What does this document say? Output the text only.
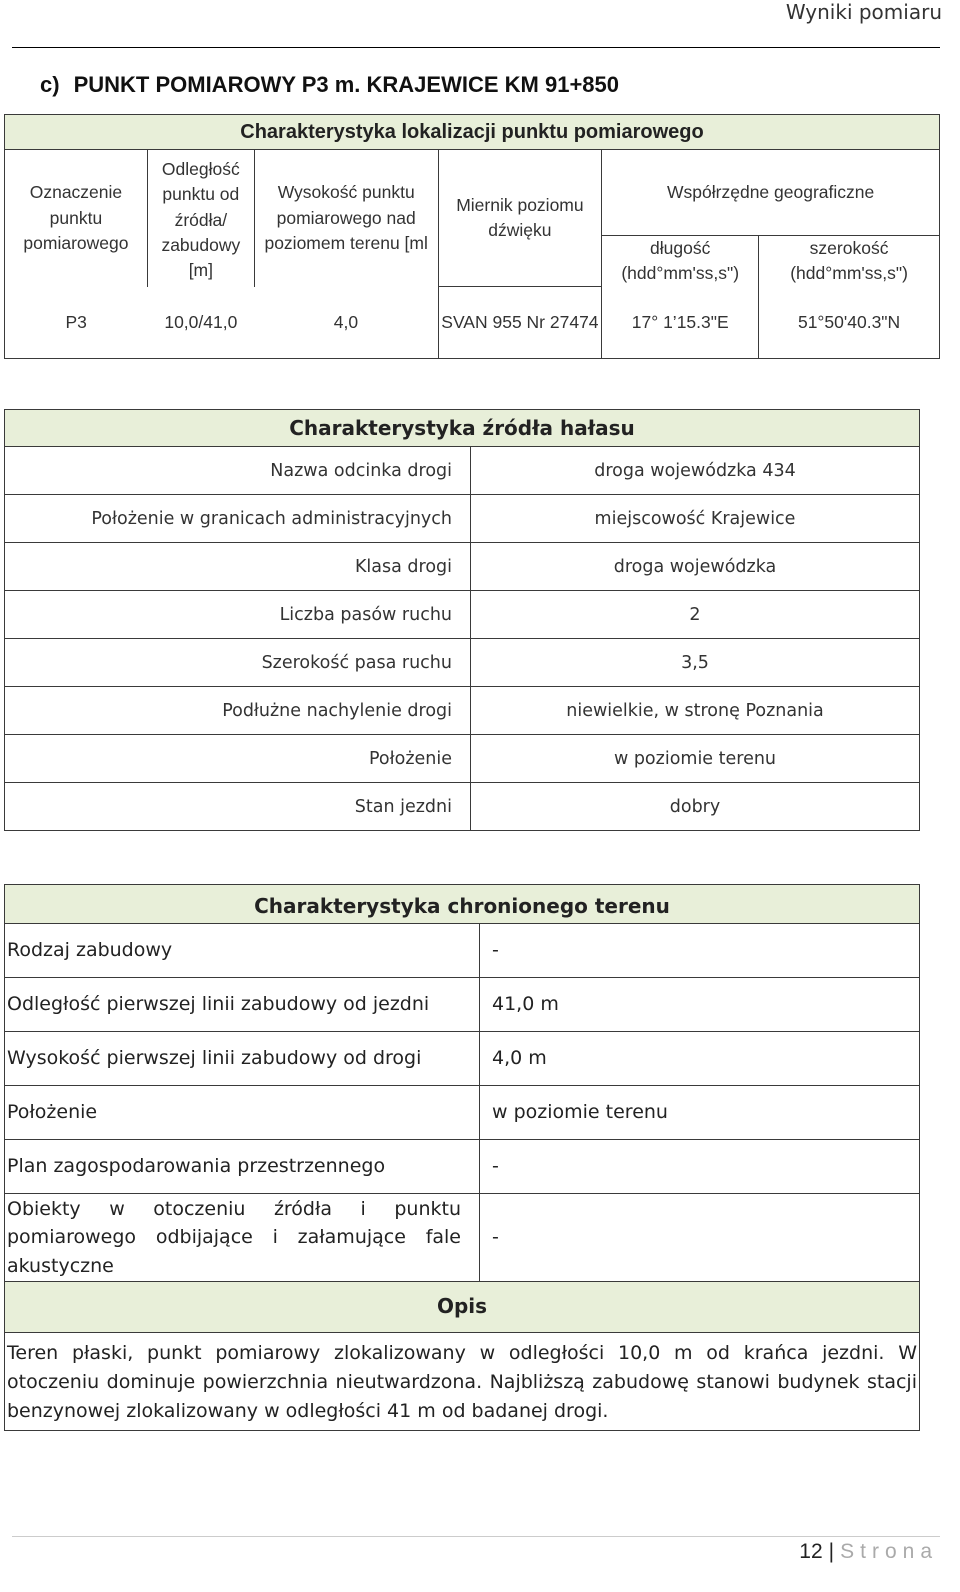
Wyniki pomiaru
c) PUNKT POMIAROWY P3 m. KRAJEWICE KM 91+850
Charakterystyka lokalizacji punktu pomiarowego					
Oznaczenie punktu pomiarowego	Odległość punktu od źródła/ zabudowy [m]	Wysokość punktu pomiarowego nad poziomem terenu [ml	Miernik poziomu dźwięku	Współrzędne geograficzne	
				długość (hdd°mm'ss,s")	szerokość (hdd°mm'ss,s")
P3	10,0/41,0	4,0	SVAN 955 Nr 27474	17° 1’15.3"E	51°50'40.3"N
Charakterystyka źródła hałasu	
Nazwa odcinka drogi	droga wojewódzka 434
Położenie w granicach administracyjnych	miejscowość Krajewice
Klasa drogi	droga wojewódzka
Liczba pasów ruchu	2
Szerokość pasa ruchu	3,5
Podłużne nachylenie drogi	niewielkie, w stronę Poznania
Położenie	w poziomie terenu
Stan jezdni	dobry
Charakterystyka chronionego terenu	
Rodzaj zabudowy	-
Odległość pierwszej linii zabudowy od jezdni	41,0 m
Wysokość pierwszej linii zabudowy od drogi	4,0 m
Położenie	w poziomie terenu
Plan zagospodarowania przestrzennego	-
Obiekty w otoczeniu źródła i punktu pomiarowego odbijające i załamujące fale akustyczne	-
Opis	
Teren płaski, punkt pomiarowy zlokalizowany w odległości 10,0 m od krańca jezdni. W otoczeniu dominuje powierzchnia nieutwardzona. Najbliższą zabudowę stanowi budynek stacji benzynowej zlokalizowany w odległości 41 m od badanej drogi.	
12 | Strona
